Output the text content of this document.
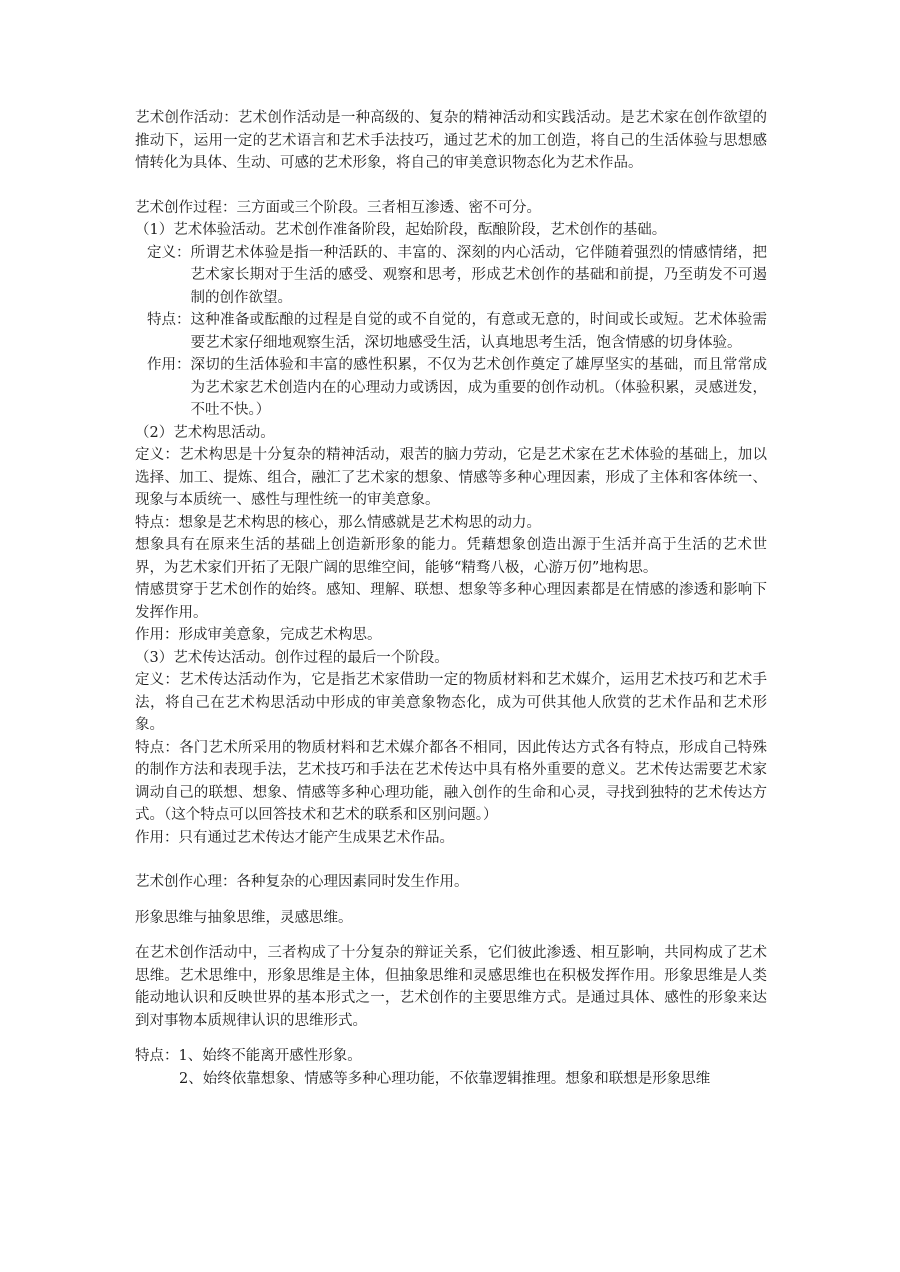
艺术创作活动：艺术创作活动是一种高级的、复杂的精神活动和实践活动。是艺术家在创作欲望的推动下，运用一定的艺术语言和艺术手法技巧，通过艺术的加工创造，将自己的生活体验与思想感情转化为具体、生动、可感的艺术形象，将自己的审美意识物态化为艺术作品。

艺术创作过程：三方面或三个阶段。三者相互渗透、密不可分。

（1）艺术体验活动。艺术创作准备阶段，起始阶段，酝酿阶段，艺术创作的基础。

定义： 所谓艺术体验是指一种活跃的、丰富的、深刻的内心活动，它伴随着强烈的情感情绪，把艺术家长期对于生活的感受、观察和思考，形成艺术创作的基础和前提，乃至萌发不可遏制的创作欲望。
特点： 这种准备或酝酿的过程是自觉的或不自觉的，有意或无意的，时间或长或短。艺术体验需要艺术家仔细地观察生活，深切地感受生活，认真地思考生活，饱含情感的切身体验。
作用： 深切的生活体验和丰富的感性积累，不仅为艺术创作奠定了雄厚坚实的基础，而且常常成为艺术家艺术创造内在的心理动力或诱因，成为重要的创作动机。（体验积累，灵感迸发，不吐不快。）

（2）艺术构思活动。

定义：艺术构思是十分复杂的精神活动，艰苦的脑力劳动，它是艺术家在艺术体验的基础上，加以选择、加工、提炼、组合，融汇了艺术家的想象、情感等多种心理因素，形成了主体和客体统一、现象与本质统一、感性与理性统一的审美意象。

特点：想象是艺术构思的核心，那么情感就是艺术构思的动力。

想象具有在原来生活的基础上创造新形象的能力。凭藉想象创造出源于生活并高于生活的艺术世界，为艺术家们开拓了无限广阔的思维空间，能够“精骛八极，心游万仞”地构思。

情感贯穿于艺术创作的始终。感知、理解、联想、想象等多种心理因素都是在情感的渗透和影响下发挥作用。

作用：形成审美意象，完成艺术构思。

（3）艺术传达活动。创作过程的最后一个阶段。

定义：艺术传达活动作为，它是指艺术家借助一定的物质材料和艺术媒介，运用艺术技巧和艺术手法，将自己在艺术构思活动中形成的审美意象物态化，成为可供其他人欣赏的艺术作品和艺术形象。

特点：各门艺术所采用的物质材料和艺术媒介都各不相同，因此传达方式各有特点，形成自己特殊的制作方法和表现手法，艺术技巧和手法在艺术传达中具有格外重要的意义。艺术传达需要艺术家调动自己的联想、想象、情感等多种心理功能，融入创作的生命和心灵，寻找到独特的艺术传达方式。（这个特点可以回答技术和艺术的联系和区别问题。）

作用：只有通过艺术传达才能产生成果艺术作品。

艺术创作心理：各种复杂的心理因素同时发生作用。

形象思维与抽象思维，灵感思维。

在艺术创作活动中，三者构成了十分复杂的辩证关系，它们彼此渗透、相互影响，共同构成了艺术思维。艺术思维中，形象思维是主体，但抽象思维和灵感思维也在积极发挥作用。形象思维是人类能动地认识和反映世界的基本形式之一，艺术创作的主要思维方式。是通过具体、感性的形象来达到对事物本质规律认识的思维形式。

特点：1、始终不能离开感性形象。

2、始终依靠想象、情感等多种心理功能，不依靠逻辑推理。想象和联想是形象思维
